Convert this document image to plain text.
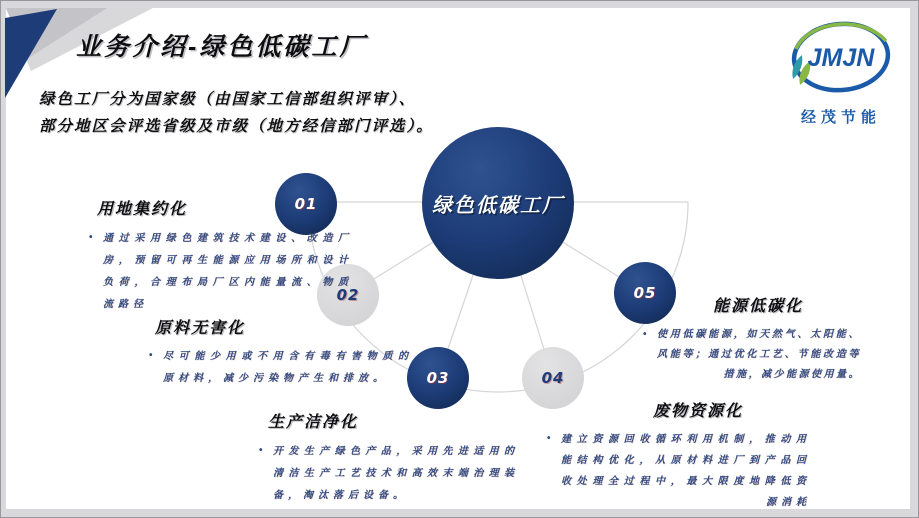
业务介绍-绿色低碳工厂
绿色工厂分为国家级（由国家工信部组织评审）、
部分地区会评选省级及市级（地方经信部门评选）。
JMJN
经茂节能
绿色低碳工厂
01
02
03	04
05
用地集约化
• 通过采用绿色建筑技术建设、改造厂房，预留可再生能源应用场所和设计负荷，合理布局厂区内能量流、物质流路径
原料无害化
• 尽可能少用或不用含有毒有害物质的原材料，减少污染物产生和排放。
生产洁净化
• 开发生产绿色产品，采用先进适用的清洁生产工艺技术和高效末端治理装备，淘汰落后设备。
废物资源化
• 建立资源回收循环利用机制，推动用能结构优化，从原材料进厂到产品回收处理全过程中，最大限度地降低资源消耗
能源低碳化
• 使用低碳能源，如天然气、太阳能、风能等；通过优化工艺、节能改造等措施，减少能源使用量。
